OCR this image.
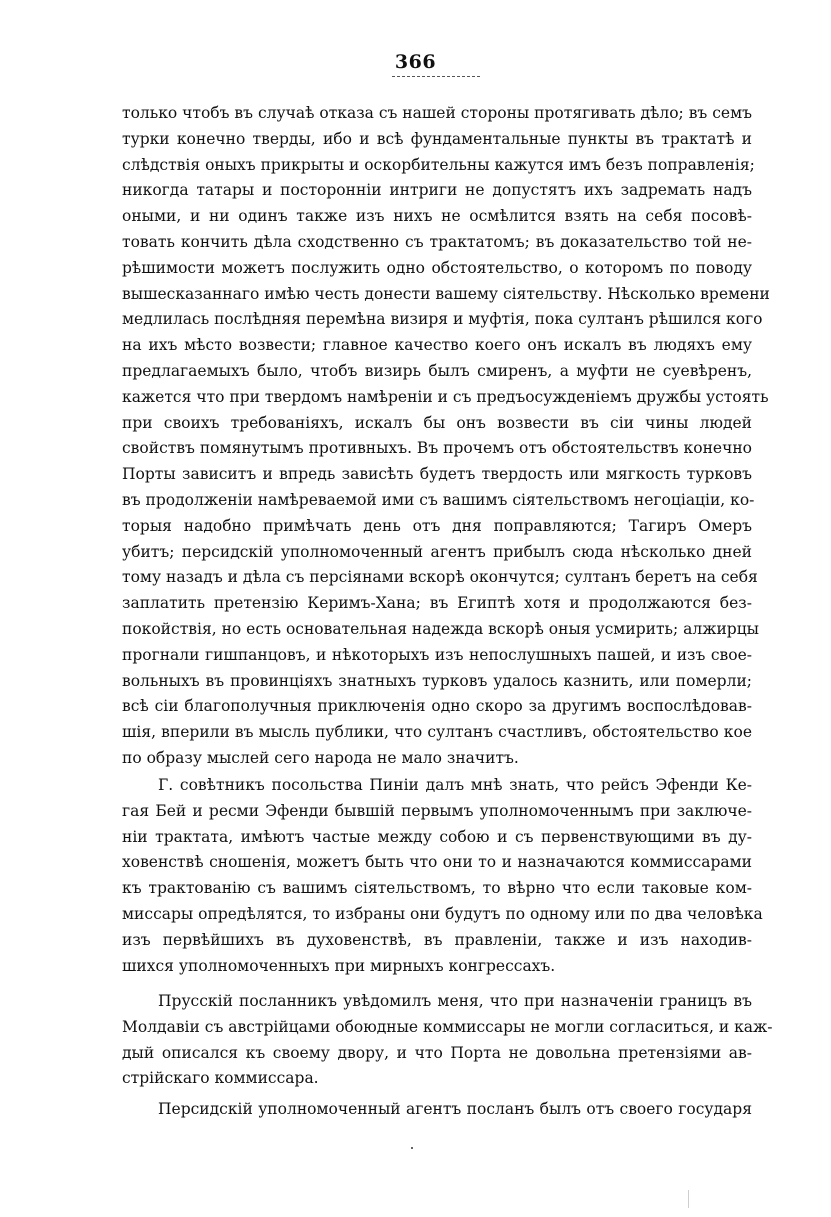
366
только чтобъ въ случаѣ отказа съ нашей стороны протягивать дѣло; въ семъ
турки конечно тверды, ибо и всѣ фундаментальные пункты въ трактатѣ и
слѣдствія оныхъ прикрыты и оскорбительны кажутся имъ безъ поправленія;
никогда татары и посторонніи интриги не допустятъ ихъ задремать надъ
оными, и ни одинъ также изъ нихъ не осмѣлится взять на себя посовѣ-
товать кончить дѣла сходственно съ трактатомъ; въ доказательство той не-
рѣшимости можетъ послужить одно обстоятельство, о которомъ по поводу
вышесказаннаго имѣю честь донести вашему сіятельству. Нѣсколько времени
медлилась послѣдняя перемѣна визиря и муфтія, пока султанъ рѣшился кого
на ихъ мѣсто возвести; главное качество коего онъ искалъ въ людяхъ ему
предлагаемыхъ было, чтобъ визирь былъ смиренъ, а муфти не суевѣренъ,
кажется что при твердомъ намѣреніи и съ предъосужденіемъ дружбы устоять
при своихъ требованіяхъ, искалъ бы онъ возвести въ сіи чины людей
свойствъ помянутымъ противныхъ. Въ прочемъ отъ обстоятельствъ конечно
Порты зависитъ и впредь зависѣть будетъ твердость или мягкость турковъ
въ продолженіи намѣреваемой ими съ вашимъ сіятельствомъ негоціаціи, ко-
торыя надобно примѣчать день отъ дня поправляются; Тагиръ Омеръ
убитъ; персидскій уполномоченный агентъ прибылъ сюда нѣсколько дней
тому назадъ и дѣла съ персіянами вскорѣ окончутся; султанъ беретъ на себя
заплатить претензію Керимъ-Хана; въ Египтѣ хотя и продолжаются без-
покойствія, но есть основательная надежда вскорѣ оныя усмирить; алжирцы
прогнали гишпанцовъ, и нѣкоторыхъ изъ непослушныхъ пашей, и изъ свое-
вольныхъ въ провинціяхъ знатныхъ турковъ удалось казнить, или померли;
всѣ сіи благополучныя приключенія одно скоро за другимъ воспослѣдовав-
шія, вперили въ мысль публики, что султанъ счастливъ, обстоятельство кое
по образу мыслей сего народа не мало значитъ.
Г. совѣтникъ посольства Пиніи далъ мнѣ знать, что рейсъ Эфенди Ке-
гая Бей и ресми Эфенди бывшій первымъ уполномоченнымъ при заключе-
ніи трактата, имѣютъ частые между собою и съ первенствующими въ ду-
ховенствѣ сношенія, можетъ быть что они то и назначаются коммиссарами
къ трактованію съ вашимъ сіятельствомъ, то вѣрно что если таковые ком-
миссары опредѣлятся, то избраны они будутъ по одному или по два человѣка
изъ первѣйшихъ въ духовенствѣ, въ правленіи, также и изъ находив-
шихся уполномоченныхъ при мирныхъ конгрессахъ.
Прусскій посланникъ увѣдомилъ меня, что при назначеніи границъ въ
Молдавіи съ австрійцами обоюдные коммиссары не могли согласиться, и каж-
дый описался къ своему двору, и что Порта не довольна претензіями ав-
стрійскаго коммиссара.
Персидскій уполномоченный агентъ посланъ былъ отъ своего государя
